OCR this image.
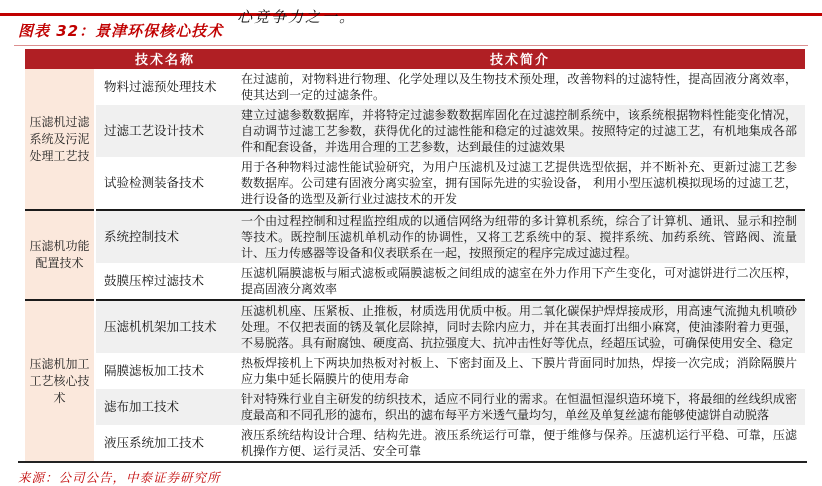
心竞争力之一。
图表 32：景津环保核心技术
	技术名称	技术简介
压滤机过滤系统及污泥处理工艺技	物料过滤预处理技术	在过滤前，对物料进行物理、化学处理以及生物技术预处理，改善物料的过滤特性，提高固液分离效率，使其达到一定的过滤条件。
	过滤工艺设计技术	建立过滤参数数据库，并将特定过滤参数数据库固化在过滤控制系统中，该系统根据物料性能变化情况，自动调节过滤工艺参数，获得优化的过滤性能和稳定的过滤效果。按照特定的过滤工艺，有机地集成各部件和配套设备，并选用合理的工艺参数，达到最佳的过滤效果
	试验检测装备技术	用于各种物料过滤性能试验研究，为用户压滤机及过滤工艺提供选型依据，并不断补充、更新过滤工艺参数数据库。公司建有固液分离实验室，拥有国际先进的实验设备， 利用小型压滤机模拟现场的过滤工艺，进行设备的选型及新行业过滤技术的开发
压滤机功能配置技术	系统控制技术	一个由过程控制和过程监控组成的以通信网络为纽带的多计算机系统，综合了计算机、通讯、显示和控制等技术。既控制压滤机单机动作的协调性，又将工艺系统中的泵、搅拌系统、加药系统、管路阀、流量计、压力传感器等设备和仪表联系在一起，按照预定的程序完成过滤过程。
	鼓膜压榨过滤技术	压滤机隔膜滤板与厢式滤板或隔膜滤板之间组成的滤室在外力作用下产生变化，可对滤饼进行二次压榨，提高固液分离效率
压滤机加工工艺核心技术	压滤机机架加工技术	压滤机机座、压紧板、止推板，材质选用优质中板。用二氧化碳保护焊焊接成形，用高速气流抛丸机喷砂处理。不仅把表面的锈及氧化层除掉，同时去除内应力，并在其表面打出细小麻窝，使油漆附着力更强，不易脱落。具有耐腐蚀、硬度高、抗拉强度大、抗冲击性好等优点，经超压试验，可确保使用安全、稳定
	隔膜滤板加工技术	热板焊接机上下两块加热板对衬板上、下密封面及上、下膜片背面同时加热，焊接一次完成；消除隔膜片应力集中延长隔膜片的使用寿命
	滤布加工技术	针对特殊行业自主研发的纺织技术，适应不同行业的需求。在恒温恒湿织造环境下，将最细的丝线织成密度最高和不同孔形的滤布，织出的滤布每平方米透气量均匀，单丝及单复丝滤布能够使滤饼自动脱落
	液压系统加工技术	液压系统结构设计合理、结构先进。液压系统运行可靠，便于维修与保养。压滤机运行平稳、可靠，压滤机操作方便、运行灵活、安全可靠
来源：公司公告，中泰证券研究所
